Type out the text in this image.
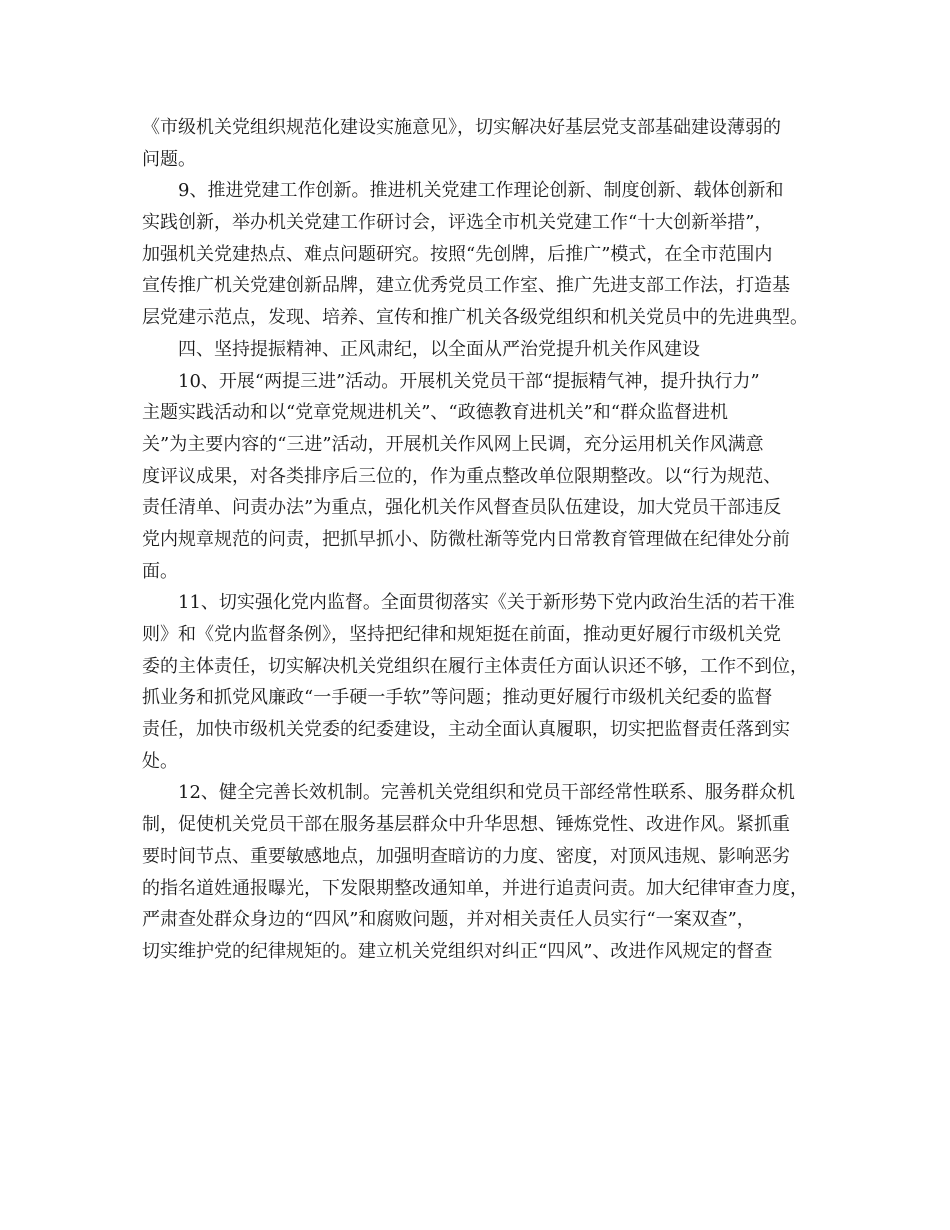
《市级机关党组织规范化建设实施意见》，切实解决好基层党支部基础建设薄弱的
问题。
9、推进党建工作创新。推进机关党建工作理论创新、制度创新、载体创新和
实践创新，举办机关党建工作研讨会，评选全市机关党建工作“十大创新举措”，
加强机关党建热点、难点问题研究。按照“先创牌，后推广”模式，在全市范围内
宣传推广机关党建创新品牌，建立优秀党员工作室、推广先进支部工作法，打造基
层党建示范点，发现、培养、宣传和推广机关各级党组织和机关党员中的先进典型。
四、坚持提振精神、正风肃纪，以全面从严治党提升机关作风建设
10、开展“两提三进”活动。开展机关党员干部“提振精气神，提升执行力”
主题实践活动和以“党章党规进机关”、“政德教育进机关”和“群众监督进机
关”为主要内容的“三进”活动，开展机关作风网上民调，充分运用机关作风满意
度评议成果，对各类排序后三位的，作为重点整改单位限期整改。以“行为规范、
责任清单、问责办法”为重点，强化机关作风督查员队伍建设，加大党员干部违反
党内规章规范的问责，把抓早抓小、防微杜渐等党内日常教育管理做在纪律处分前
面。
11、切实强化党内监督。全面贯彻落实《关于新形势下党内政治生活的若干准
则》和《党内监督条例》，坚持把纪律和规矩挺在前面，推动更好履行市级机关党
委的主体责任，切实解决机关党组织在履行主体责任方面认识还不够，工作不到位，
抓业务和抓党风廉政“一手硬一手软”等问题；推动更好履行市级机关纪委的监督
责任，加快市级机关党委的纪委建设，主动全面认真履职，切实把监督责任落到实
处。
12、健全完善长效机制。完善机关党组织和党员干部经常性联系、服务群众机
制，促使机关党员干部在服务基层群众中升华思想、锤炼党性、改进作风。紧抓重
要时间节点、重要敏感地点，加强明查暗访的力度、密度，对顶风违规、影响恶劣
的指名道姓通报曝光，下发限期整改通知单，并进行追责问责。加大纪律审查力度，
严肃查处群众身边的“四风”和腐败问题，并对相关责任人员实行“一案双查”，
切实维护党的纪律规矩的。建立机关党组织对纠正“四风”、改进作风规定的督查
